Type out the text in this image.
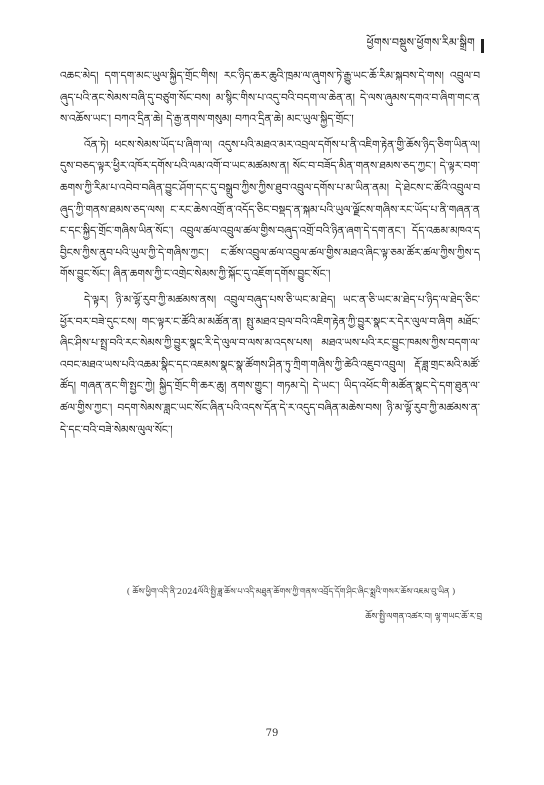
ཕྱོགས་བསྡུས་ཕྱོགས་རིམ་སྒྲིག

འཆང་མེད། དག་དག་མང་ཡུལ་སྐྱིད་གྲོང་གིས། རང་ཉིད་ཆར་ཆུའི་ཁྲམ་ལ་ཞུགས་ཏེ་རྒྱུ་ཡང་ཆོ་རིམ་སྐབས་དེ་གས། འབྲུལ་བཞུད་པའི་ནང་སེམས་བཞི་དུ་བཙུག་སོང་བས། མ་སྙིང་གིས་པ་འདུ་བའི་བདག་ལ་ཆེན་ན། དེ་ལས་ཞུམས་དགའ་བ་ཞིག་གང་ནས་འཆོས་ཡང་། བཀའ་དྲིན་ཆེ། དེ་རྒྱ་ནགས་གསུམ། བཀའ་དྲིན་ཆེ། མང་ཡུལ་སྐྱིད་གྲོང་།

འོན་ཏེ། ཕངས་སེམས་ཡོད་པ་ཞིག་ལ། འདུས་པའི་མཐའ་མར་འབྲལ་དགོས་པ་ནི་འཇིག་རྟེན་གྱི་ཆོས་ཉིད་ཅིག་ཡིན་ལ། དུས་བཅད་ལྟར་ཕྱིར་འཁོར་དགོས་པའི་ལམ་འགོ་བ་ཡང་མཚམས་ན། སོང་བ་བཟོད་མིན་གནས་ཐམས་ཅད་ཀྱང་། དེ་ལྟར་བག་ཆགས་ཀྱི་རིམ་པ་འབེབ་བཞིན་བྱུང་ཤོག་དང་དུ་བསྒྲུབ་ཀྱིས་ཀྱིས་ཐུབ་འབྲུལ་དགོས་པ་མ་ཡིན་ནམ། དེ་ཐེངས་ང་ཚོའི་འབྲུལ་བཞུད་ཀྱི་གནས་ཐམས་ཅད་ལས། ང་རང་ཆེས་འགྲོ་ན་འདོད་ཅིང་བསྡད་ན་སྐམ་པའི་ཡུལ་ལྗོངས་གཞིས་རང་ཡོད་པ་ནི་གཞན་ནང་དང་སྐྱིད་གྲོང་གཞིས་ཡིན་སོང་། འབྲུལ་ཚལ་འབྲུལ་ཚལ་གྱིས་བཞུད་འགྲོ་བའི་ཉིན་ཞག་དེ་དག་ནང་། དོད་འཆམ་མཁའ་དབྱིངས་ཀྱིས་ནུབ་པའི་ཡུལ་ཀྱི་དེ་གཞིས་ཀྱང་། ང་ཚོས་འབྲུལ་ཚལ་འབྲུལ་ཚལ་གྱིས་མཐའ་ཞིང་ལྟ་ཅམ་ཚོར་ཚལ་ཀྱིས་ཀྱིས་དགོས་བྱུང་སོང་། ཞིན་ཆགས་ཀྱི་ང་འགྲེང་སེམས་ཀྱི་སྐོང་དུ་འཇོག་དགོས་བྱུང་སོང་།

དེ་ལྟར། ཉི་མ་ལྷོ་རུབ་ཀྱི་མཚམས་ནས། འབྲུལ་བཞུད་པས་ཅི་ཡང་མ་ཐེད། ཡང་ན་ཅི་ཡང་མ་ཐེད་པ་ཉིད་ལ་ཐེད་ཅིང་ཕྱོར་བར་བཟེ་དུང་ངས། གང་ལྟར་ང་ཚོའི་མ་མཚོན་ན། སྤུ་མཐའ་བྲལ་བའི་འཇིག་རྟེན་ཀྱི་བྱུར་སྣང་ར་དེར་ལུལ་བ་ཞིག མཐོང་ཞིང་ཤིས་པ་སྤྲ་བའི་རང་སེམས་ཀྱི་བྱུར་སྣང་རི་དེ་ལུལ་བ་ལས་མ་འདས་པས། མཐའ་ཡས་པའི་རང་བྱུང་ཁམས་ཀྱིས་བདག་ལ་འབང་མཐའ་ཡས་པའི་འཆམ་སྣིང་དང་འཇམས་སྣང་སྣ་ཚོགས་ཤིན་ཏུ་ཀྲིག་གཞིས་ཀྱི་ཚེའི་འཇུབ་འབྲུལ། རྡོ་ཟླ་གྲང་མའི་མཚོ་ཚོད། གཞན་ནང་གི་སྤྱང་ཀྱེ། སྐྱིད་གྲོང་གི་ཆར་ཆུ། ནགས་གྱུང་། གཏམ་དེ། དེ་ཡང་། ཡིད་འཕོང་གི་མཚོན་སྣང་དེ་དག་ཐུན་ལ་ཚལ་གྱིས་ཀྱང་། བདག་སེམས་ཟླང་ཡང་སོང་ཞིན་པའི་འདས་དོན་དེ་ར་འདུད་བཞིན་མཆེས་བས། ཉི་མ་ལྷོ་རུབ་ཀྱི་མཚམས་ན་དེ་དང་བའི་བཟེ་སེམས་ལུལ་སོང་།

( ཆོས་ཕྱིག་འདི་ནི་2024ལོའི་སྤྱི་ཟླ་ཆོས་པ་འདི་མཐུན་ཆོགས་ཀྱི་གནས་འབྲོད་དོག་ཤིང་ཞིང་སྨྲའི་གསར་ཆོས་འཇམ་བུ་ཡིན )
ཆོས་སྤྱི་ལགན་འཚར་བ། ལྷ་གཡང་ཆོ་ར་བྲ
79
